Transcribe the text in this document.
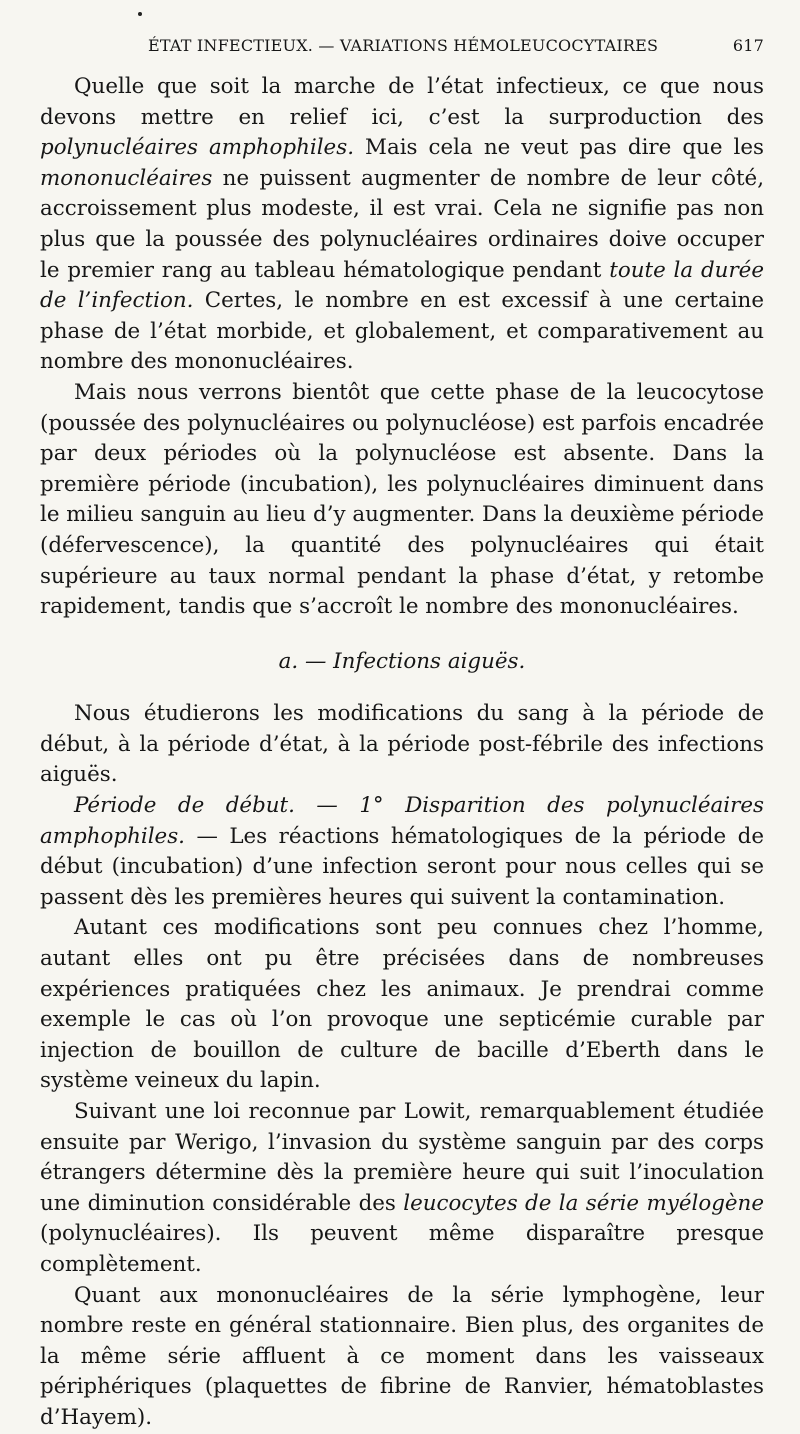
ÉTAT INFECTIEUX. — VARIATIONS HÉMOLEUCOCYTAIRES	617

Quelle que soit la marche de l’état infectieux, ce que nous devons mettre en relief ici, c’est la surproduction des polynucléaires amphophiles. Mais cela ne veut pas dire que les mononucléaires ne puissent augmenter de nombre de leur côté, accroissement plus modeste, il est vrai. Cela ne signifie pas non plus que la poussée des polynucléaires ordinaires doive occuper le premier rang au tableau hématologique pendant toute la durée de l’infection. Certes, le nombre en est excessif à une certaine phase de l’état morbide, et globalement, et comparativement au nombre des mononucléaires.

Mais nous verrons bientôt que cette phase de la leucocytose (poussée des polynucléaires ou polynucléose) est parfois encadrée par deux périodes où la polynucléose est absente. Dans la première période (incubation), les polynucléaires diminuent dans le milieu sanguin au lieu d’y augmenter. Dans la deuxième période (défervescence), la quantité des polynucléaires qui était supérieure au taux normal pendant la phase d’état, y retombe rapidement, tandis que s’accroît le nombre des mononucléaires.

a. — Infections aiguës.

Nous étudierons les modifications du sang à la période de début, à la période d’état, à la période post-fébrile des infections aiguës.

Période de début. — 1° Disparition des polynucléaires amphophiles. — Les réactions hématologiques de la période de début (incubation) d’une infection seront pour nous celles qui se passent dès les premières heures qui suivent la contamination.

Autant ces modifications sont peu connues chez l’homme, autant elles ont pu être précisées dans de nombreuses expériences pratiquées chez les animaux. Je prendrai comme exemple le cas où l’on provoque une septicémie curable par injection de bouillon de culture de bacille d’Eberth dans le système veineux du lapin.

Suivant une loi reconnue par Lowit, remarquablement étudiée ensuite par Werigo, l’invasion du système sanguin par des corps étrangers détermine dès la première heure qui suit l’inoculation une diminution considérable des leucocytes de la série myélogène (polynucléaires). Ils peuvent même disparaître presque complètement.

Quant aux mononucléaires de la série lymphogène, leur nombre reste en général stationnaire. Bien plus, des organites de la même série affluent à ce moment dans les vaisseaux périphériques (plaquettes de fibrine de Ranvier, hématoblastes d’Hayem).
